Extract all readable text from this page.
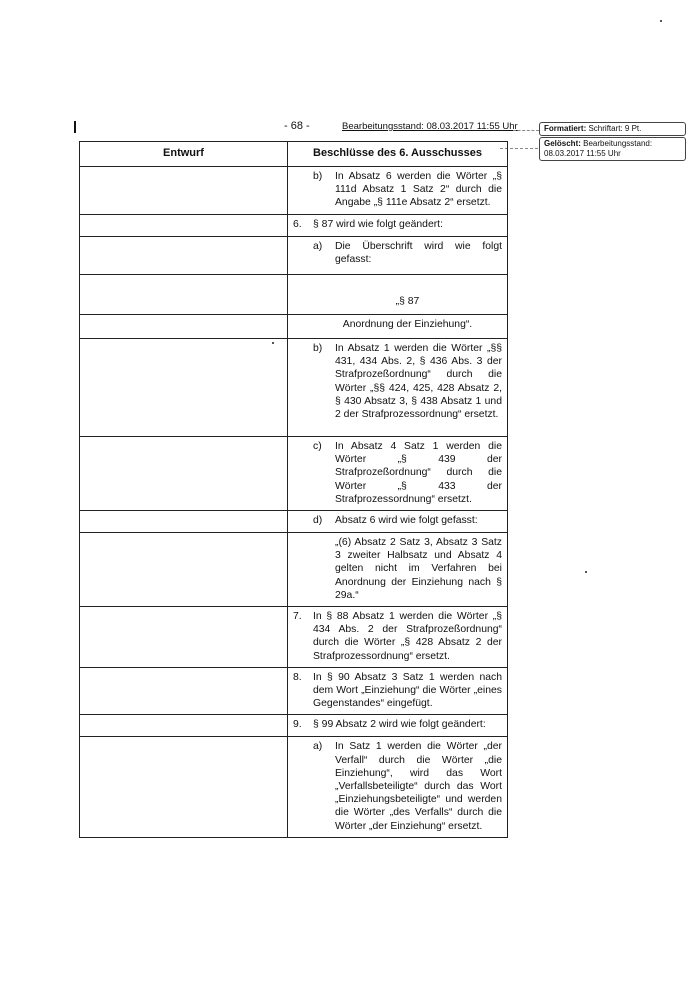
- 68 -	Bearbeitungsstand: 08.03.2017 11:55 Uhr	Formatiert: Schriftart: 9 Pt.
Gelöscht: Bearbeitungsstand:
08.03.2017 11:55 Uhr
Entwurf	Beschlüsse des 6. Ausschusses

	b) In Absatz 6 werden die Wörter „§ 111d Absatz 1 Satz 2“ durch die Angabe „§ 111e Absatz 2“ ersetzt.

	6. § 87 wird wie folgt geändert:

	a) Die Überschrift wird wie folgt gefasst:

	„§ 87

	Anordnung der Einziehung“.

	b) In Absatz 1 werden die Wörter „§§ 431, 434 Abs. 2, § 436 Abs. 3 der Strafprozeßordnung“ durch die Wörter „§§ 424, 425, 428 Absatz 2, § 430 Absatz 3, § 438 Absatz 1 und 2 der Strafprozessordnung“ ersetzt.

	c) In Absatz 4 Satz 1 werden die Wörter „§ 439 der Strafprozeßordnung“ durch die Wörter „§ 433 der Strafprozessordnung“ ersetzt.

	d) Absatz 6 wird wie folgt gefasst:

	„(6) Absatz 2 Satz 3, Absatz 3 Satz 3 zweiter Halbsatz und Absatz 4 gelten nicht im Verfahren bei Anordnung der Einziehung nach § 29a.“

	7. In § 88 Absatz 1 werden die Wörter „§ 434 Abs. 2 der Strafprozeßordnung“ durch die Wörter „§ 428 Absatz 2 der Strafprozessordnung“ ersetzt.

	8. In § 90 Absatz 3 Satz 1 werden nach dem Wort „Einziehung“ die Wörter „eines Gegenstandes“ eingefügt.

	9. § 99 Absatz 2 wird wie folgt geändert:

	a) In Satz 1 werden die Wörter „der Verfall“ durch die Wörter „die Einziehung“, wird das Wort „Verfallsbeteiligte“ durch das Wort „Einziehungsbeteiligte“ und werden die Wörter „des Verfalls“ durch die Wörter „der Einziehung“ ersetzt.
